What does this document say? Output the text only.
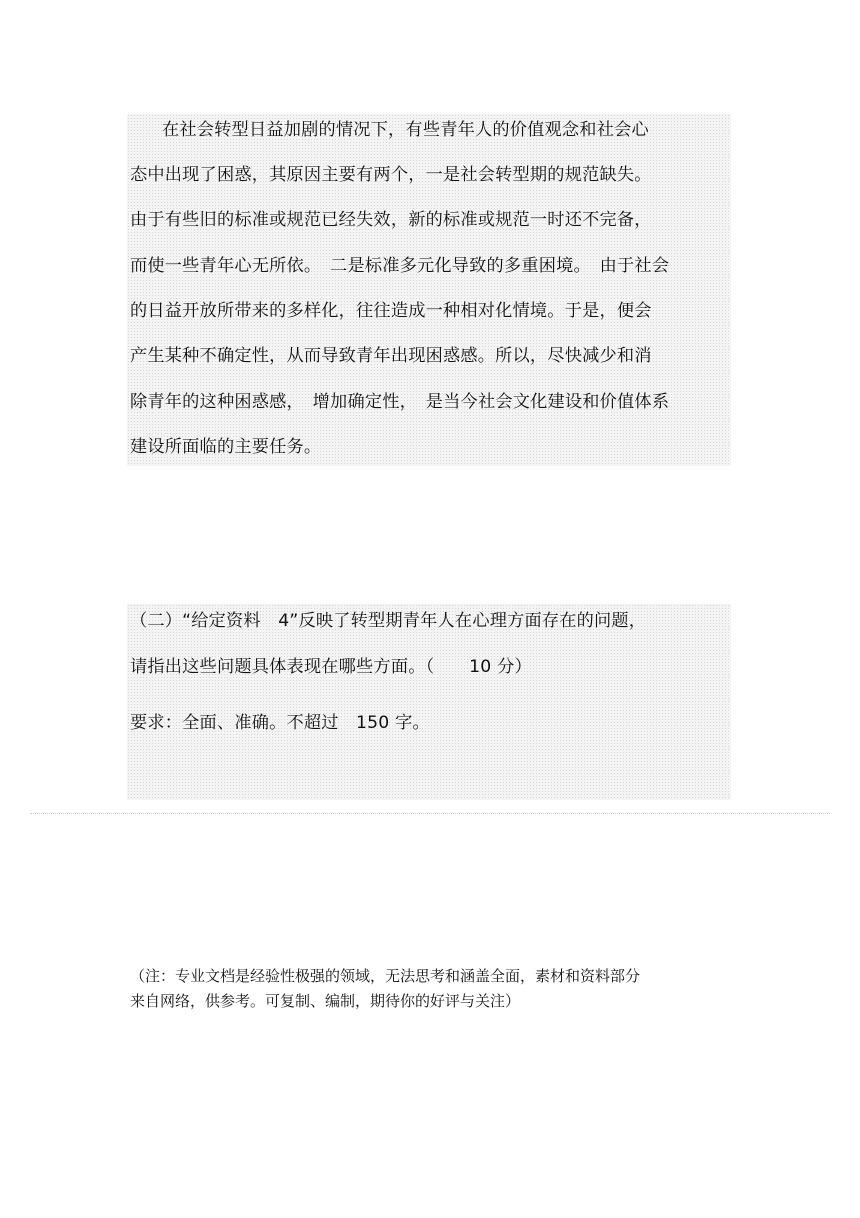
在社会转型日益加剧的情况下，有些青年人的价值观念和社会心
态中出现了困惑，其原因主要有两个，一是社会转型期的规范缺失。
由于有些旧的标准或规范已经失效，新的标准或规范一时还不完备，
而使一些青年心无所依。　二是标准多元化导致的多重困境。　由于社会
的日益开放所带来的多样化，往往造成一种相对化情境。于是，便会
产生某种不确定性，从而导致青年出现困惑感。所以，尽快减少和消
除青年的这种困惑感，　增加确定性，　是当今社会文化建设和价值体系
建设所面临的主要任务。
（二）“给定资料　4”反映了转型期青年人在心理方面存在的问题，
请指出这些问题具体表现在哪些方面。（　　10 分）
要求：全面、准确。不超过　150 字。
（注：专业文档是经验性极强的领域，无法思考和涵盖全面，素材和资料部分
来自网络，供参考。可复制、编制，期待你的好评与关注）
